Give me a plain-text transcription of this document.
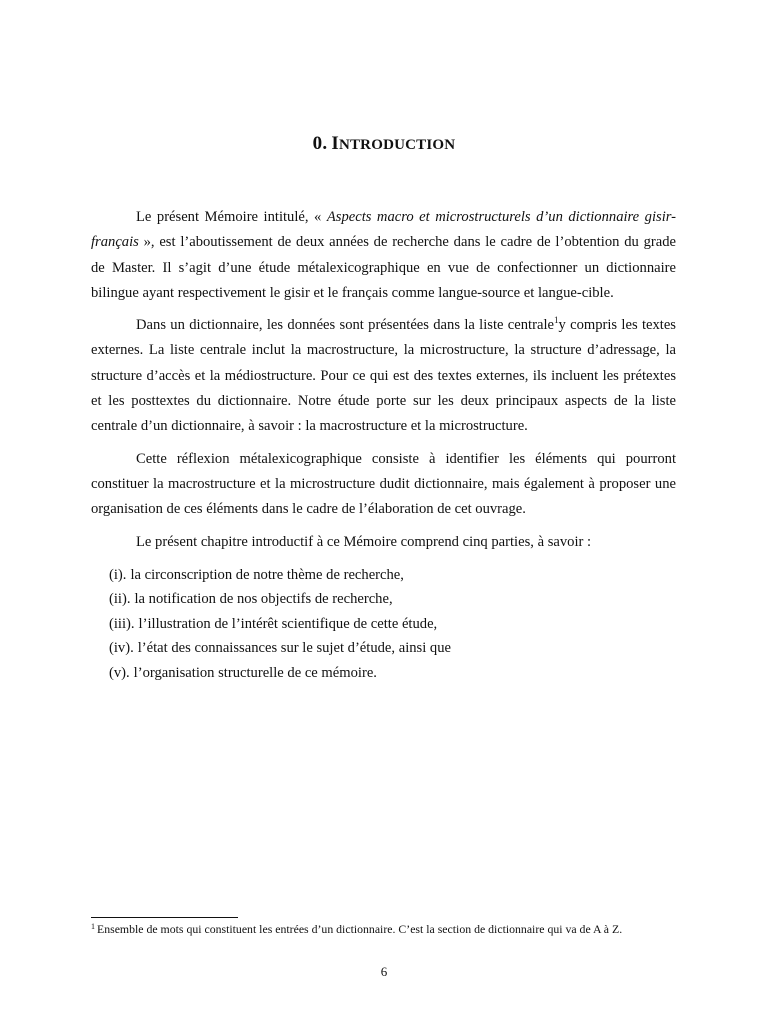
0. INTRODUCTION

Le présent Mémoire intitulé, « Aspects macro et microstructurels d’un dictionnaire gisir-français », est l’aboutissement de deux années de recherche dans le cadre de l’obtention du grade de Master. Il s’agit d’une étude métalexicographique en vue de confectionner un dictionnaire bilingue ayant respectivement le gisir et le français comme langue-source et langue-cible.

Dans un dictionnaire, les données sont présentées dans la liste centrale$^1$y compris les textes externes. La liste centrale inclut la macrostructure, la microstructure, la structure d’adressage, la structure d’accès et la médiostructure. Pour ce qui est des textes externes, ils incluent les prétextes et les posttextes du dictionnaire. Notre étude porte sur les deux principaux aspects de la liste centrale d’un dictionnaire, à savoir : la macrostructure et la microstructure.

Cette réflexion métalexicographique consiste à identifier les éléments qui pourront constituer la macrostructure et la microstructure dudit dictionnaire, mais également à proposer une organisation de ces éléments dans le cadre de l’élaboration de cet ouvrage.

Le présent chapitre introductif à ce Mémoire comprend cinq parties, à savoir :

(i). la circonscription de notre thème de recherche,
(ii). la notification de nos objectifs de recherche,
(iii). l’illustration de l’intérêt scientifique de cette étude,
(iv). l’état des connaissances sur le sujet d’étude, ainsi que
(v). l’organisation structurelle de ce mémoire.
$^1$ Ensemble de mots qui constituent les entrées d’un dictionnaire. C’est la section de dictionnaire qui va de A à Z.
6
